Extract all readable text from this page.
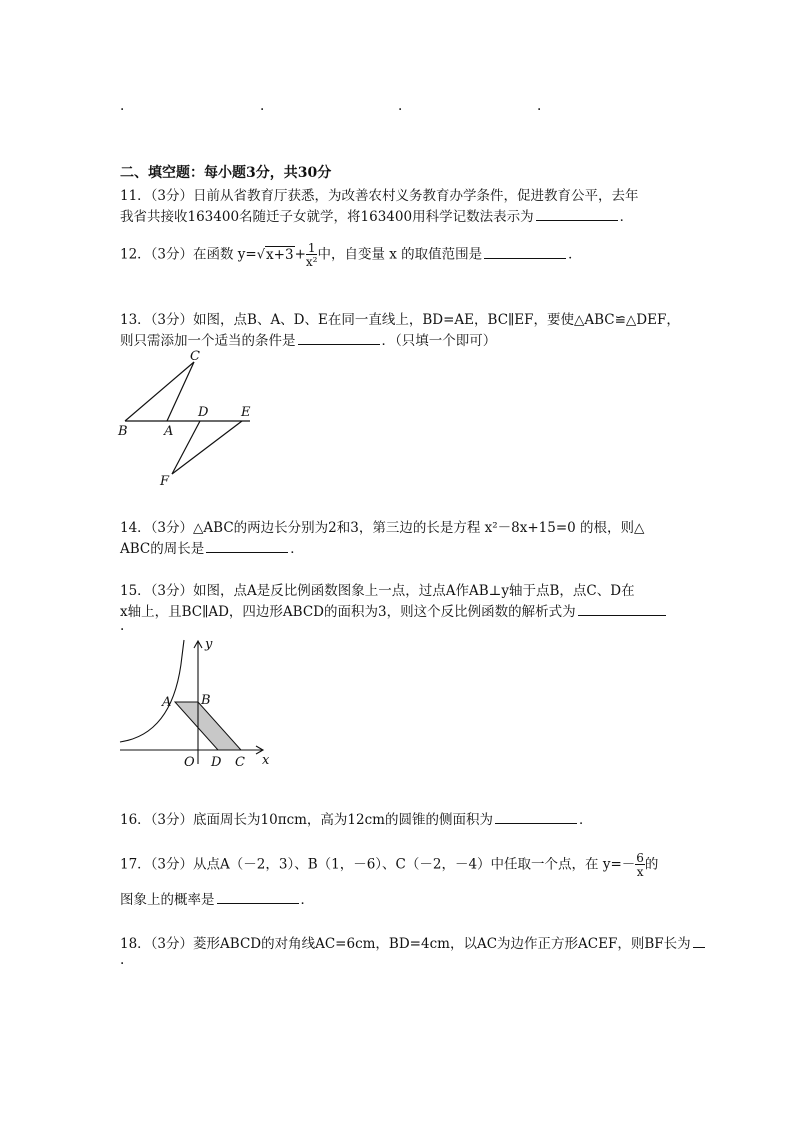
.	.	.	.
二、填空题：每小题3分，共30分
11．（3分）日前从省教育厅获悉，为改善农村义务教育办学条件，促进教育公平，去年
我省共接收163400名随迁子女就学，将163400用科学记数法表示为	．
12．（3分）在函数 $y=√x+3+ \frac{1}{\text{x²}}$ 中，自变量 x 的取值范围是	．
13．（3分）如图，点B、A、D、E在同一直线上，BD=AE，BC∥EF，要使△ABC≌△DEF，
则只需添加一个适当的条件是	．（只填一个即可）
C
B	A
D	E
F
14．（3分）△ABC的两边长分别为2和3，第三边的长是方程 x²－8x+15=0 的根，则△
ABC的周长是	．
15．（3分）如图，点A是反比例函数图象上一点，过点A作AB⊥y轴于点B，点C、D在
x轴上，且BC∥AD，四边形ABCD的面积为3，则这个反比例函数的解析式为
.
y
A B
O D C x
16．（3分）底面周长为10πcm，高为12cm的圆锥的侧面积为	．
17．（3分）从点A（－2，3）、B（1，－6）、C（－2，－4）中任取一个点，在 $y=- \frac{6}{x}$ 的
图象上的概率是	．
18．（3分）菱形ABCD的对角线AC=6cm，BD=4cm，以AC为边作正方形ACEF，则BF长为
.
